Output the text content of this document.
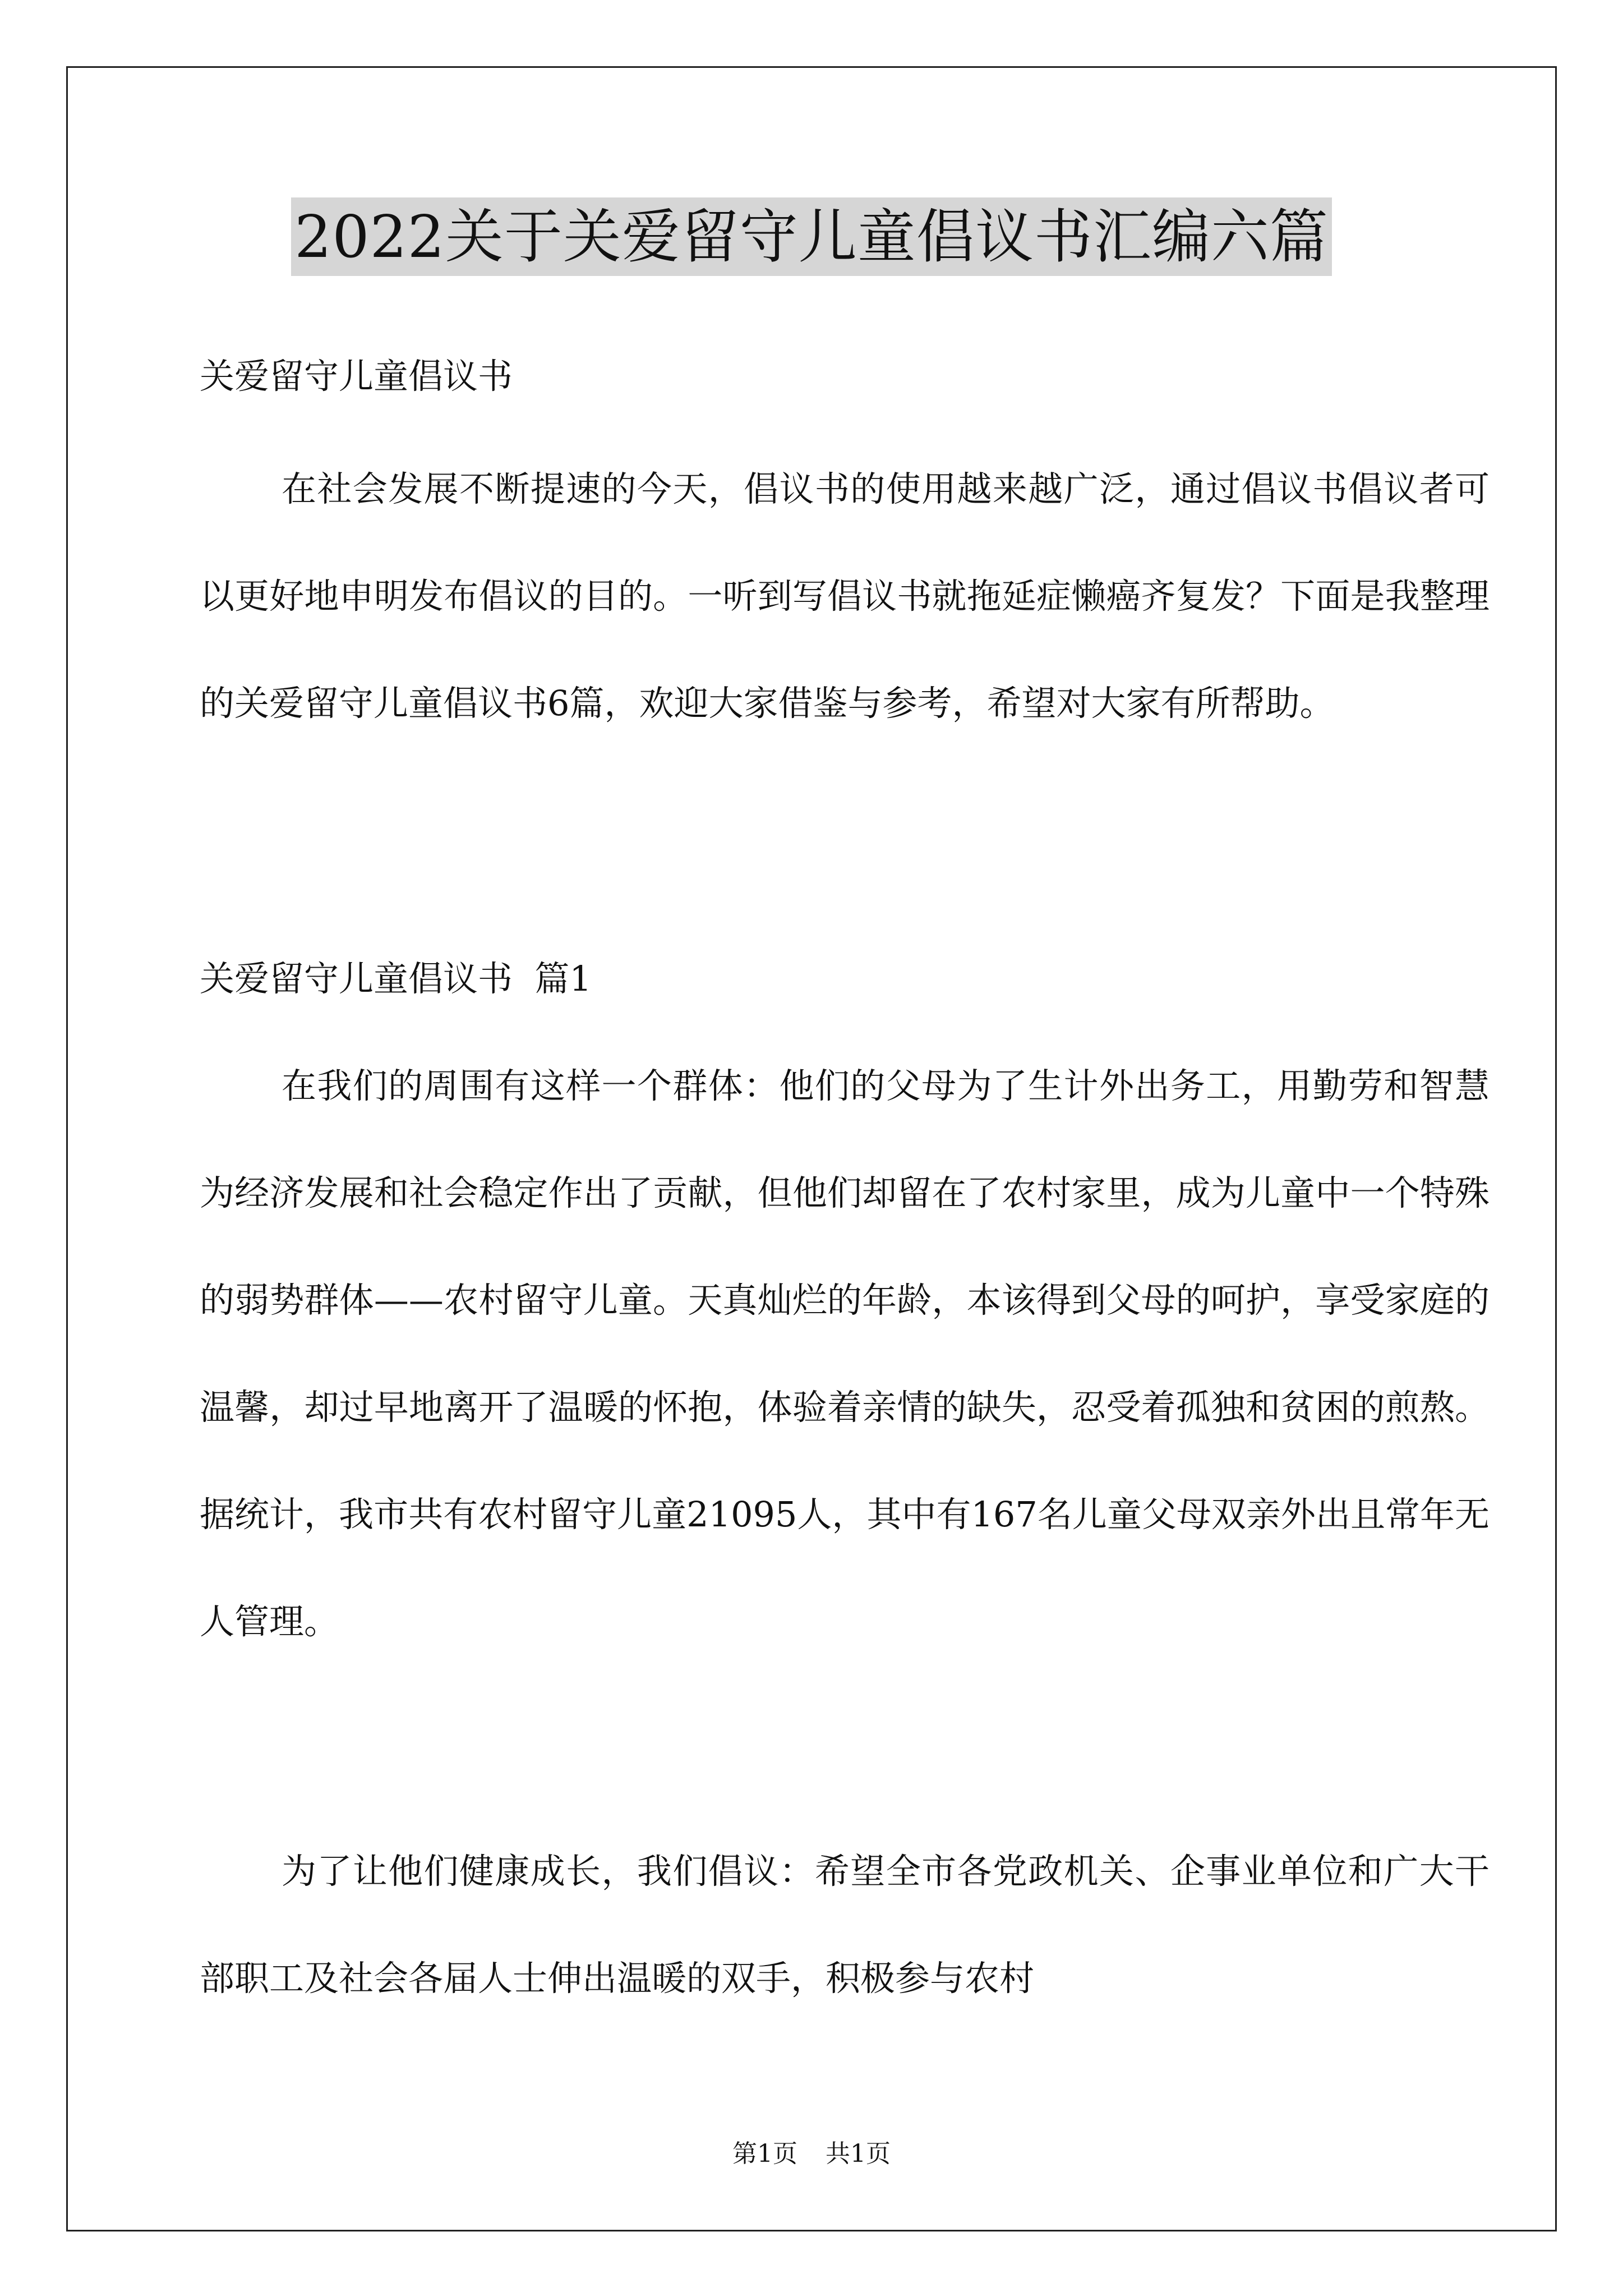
2022关于关爱留守儿童倡议书汇编六篇
关爱留守儿童倡议书

在社会发展不断提速的今天，倡议书的使用越来越广泛，通过倡议书倡议者可以更好地申明发布倡议的目的。一听到写倡议书就拖延症懒癌齐复发？下面是我整理的关爱留守儿童倡议书6篇，欢迎大家借鉴与参考，希望对大家有所帮助。

关爱留守儿童倡议书  篇1

在我们的周围有这样一个群体：他们的父母为了生计外出务工，用勤劳和智慧为经济发展和社会稳定作出了贡献，但他们却留在了农村家里，成为儿童中一个特殊的弱势群体——农村留守儿童。天真灿烂的年龄，本该得到父母的呵护，享受家庭的温馨，却过早地离开了温暖的怀抱，体验着亲情的缺失，忍受着孤独和贫困的煎熬。据统计，我市共有农村留守儿童21095人，其中有167名儿童父母双亲外出且常年无人管理。

为了让他们健康成长，我们倡议：希望全市各党政机关、企事业单位和广大干部职工及社会各届人士伸出温暖的双手，积极参与农村

第1页 共1页
